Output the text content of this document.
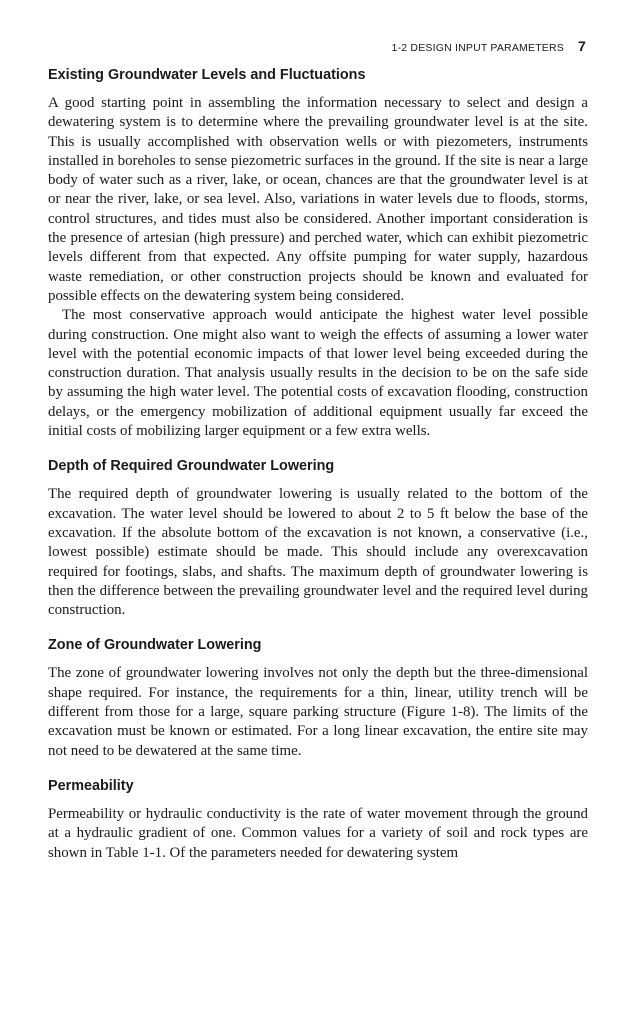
1-2 DESIGN INPUT PARAMETERS 7
Existing Groundwater Levels and Fluctuations

A good starting point in assembling the information necessary to select and design a dewatering system is to determine where the prevailing groundwater level is at the site. This is usually accomplished with observation wells or with piezometers, instruments installed in boreholes to sense piezometric surfaces in the ground. If the site is near a large body of water such as a river, lake, or ocean, chances are that the groundwater level is at or near the river, lake, or sea level. Also, variations in water levels due to floods, storms, control structures, and tides must also be considered. Another important consideration is the presence of artesian (high pressure) and perched water, which can exhibit piezometric levels different from that expected. Any offsite pumping for water supply, hazardous waste remediation, or other construction projects should be known and evaluated for possible effects on the dewatering system being considered.

The most conservative approach would anticipate the highest water level possible during construction. One might also want to weigh the effects of assuming a lower water level with the potential economic impacts of that lower level being exceeded during the construction duration. That analysis usually results in the decision to be on the safe side by assuming the high water level. The potential costs of excavation flooding, construction delays, or the emergency mobilization of additional equipment usually far exceed the initial costs of mobilizing larger equipment or a few extra wells.

Depth of Required Groundwater Lowering

The required depth of groundwater lowering is usually related to the bottom of the excavation. The water level should be lowered to about 2 to 5 ft below the base of the excavation. If the absolute bottom of the excavation is not known, a conservative (i.e., lowest possible) estimate should be made. This should include any overexcavation required for footings, slabs, and shafts. The maximum depth of groundwater lowering is then the difference between the prevailing groundwater level and the required level during construction.

Zone of Groundwater Lowering

The zone of groundwater lowering involves not only the depth but the three-dimensional shape required. For instance, the requirements for a thin, linear, utility trench will be different from those for a large, square parking structure (Figure 1-8). The limits of the excavation must be known or estimated. For a long linear excavation, the entire site may not need to be dewatered at the same time.

Permeability

Permeability or hydraulic conductivity is the rate of water movement through the ground at a hydraulic gradient of one. Common values for a variety of soil and rock types are shown in Table 1-1. Of the parameters needed for dewatering system
